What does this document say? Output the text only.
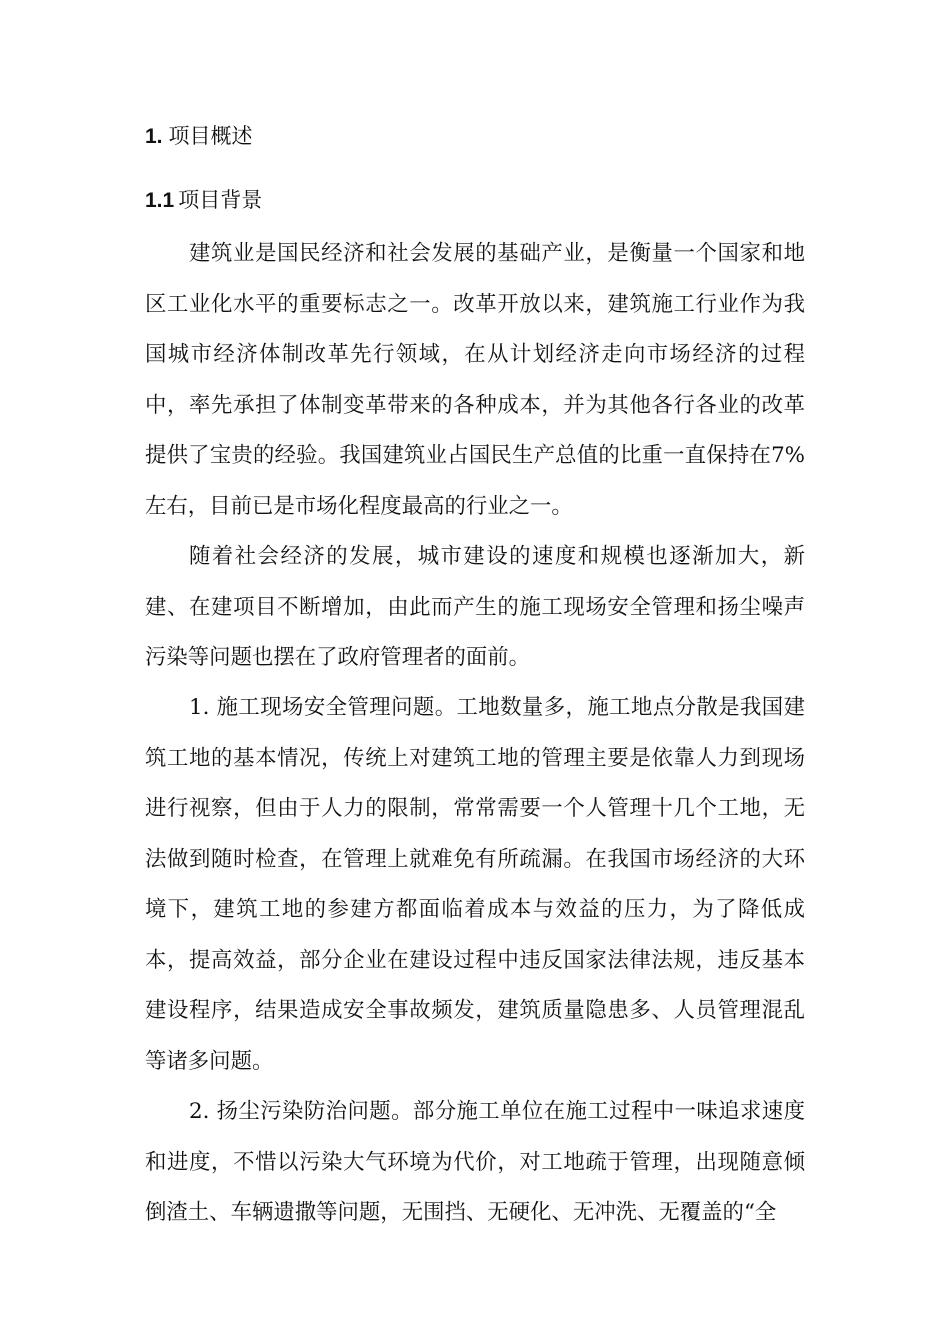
1. 项目概述
1.1 项目背景

建筑业是国民经济和社会发展的基础产业，是衡量一个国家和地区工业化水平的重要标志之一。改革开放以来，建筑施工行业作为我国城市经济体制改革先行领域，在从计划经济走向市场经济的过程中，率先承担了体制变革带来的各种成本，并为其他各行各业的改革提供了宝贵的经验。我国建筑业占国民生产总值的比重一直保持在7%左右，目前已是市场化程度最高的行业之一。

随着社会经济的发展，城市建设的速度和规模也逐渐加大，新建、在建项目不断增加，由此而产生的施工现场安全管理和扬尘噪声污染等问题也摆在了政府管理者的面前。

1. 施工现场安全管理问题。工地数量多，施工地点分散是我国建筑工地的基本情况，传统上对建筑工地的管理主要是依靠人力到现场进行视察，但由于人力的限制，常常需要一个人管理十几个工地，无法做到随时检查，在管理上就难免有所疏漏。在我国市场经济的大环境下，建筑工地的参建方都面临着成本与效益的压力，为了降低成本，提高效益，部分企业在建设过程中违反国家法律法规，违反基本建设程序，结果造成安全事故频发，建筑质量隐患多、人员管理混乱等诸多问题。

2. 扬尘污染防治问题。部分施工单位在施工过程中一味追求速度和进度，不惜以污染大气环境为代价，对工地疏于管理，出现随意倾倒渣土、车辆遗撒等问题，无围挡、无硬化、无冲洗、无覆盖的“全
